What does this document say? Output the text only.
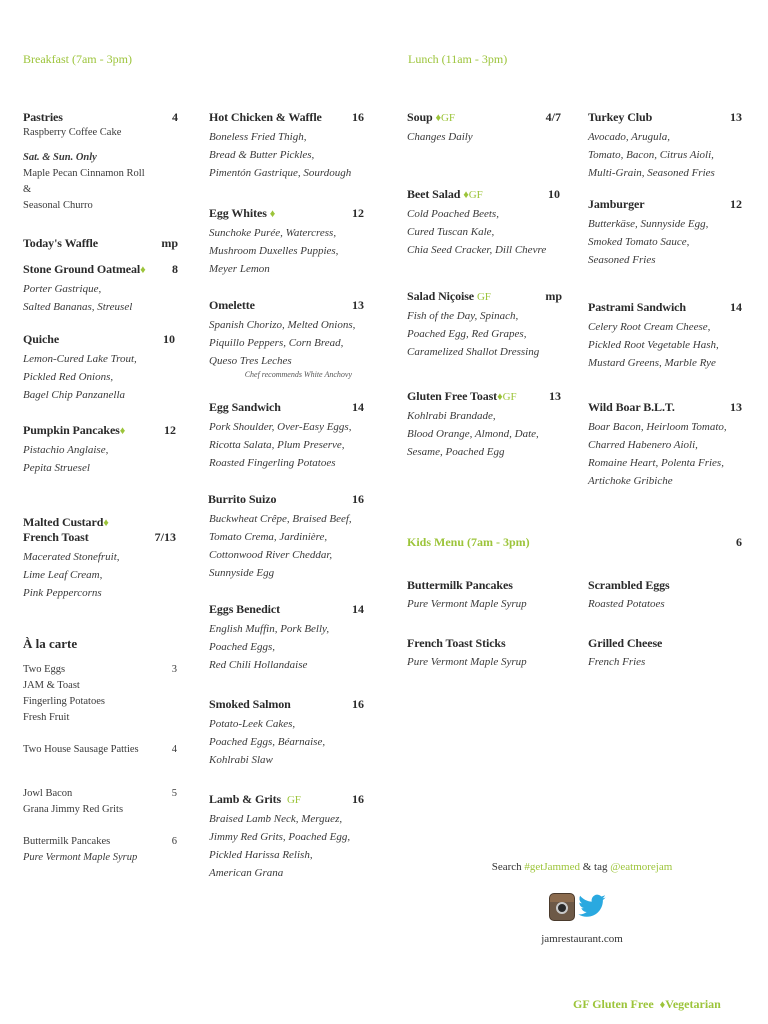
Breakfast (7am - 3pm)	Lunch (11am - 3pm)
Pastries	4
Raspberry Coffee Cake
Sat. & Sun. Only
Maple Pecan Cinnamon Roll
&
Seasonal Churro
Today's Waffle	mp
Stone Ground Oatmeal♦ 8
Porter Gastrique,
Salted Bananas, Streusel
Quiche	10
Lemon-Cured Lake Trout,
Pickled Red Onions,
Bagel Chip Panzanella
Pumpkin Pancakes♦	12
Pistachio Anglaise,
Pepita Struesel
Malted Custard♦
French Toast	7/13
Macerated Stonefruit,
Lime Leaf Cream,
Pink Peppercorns
À la carte
Two Eggs	3
JAM & Toast
Fingerling Potatoes
Fresh Fruit
Two House Sausage Patties	4
Jowl Bacon	5
Grana Jimmy Red Grits
Buttermilk Pancakes	6
Pure Vermont Maple Syrup
Hot Chicken & Waffle	16
Boneless Fried Thigh,
Bread & Butter Pickles,
Pimentón Gastrique, Sourdough
Egg Whites ♦	12
Sunchoke Purée, Watercress,
Mushroom Duxelles Puppies,
Meyer Lemon
Omelette	13
Spanish Chorizo, Melted Onions,
Piquillo Peppers, Corn Bread,
Queso Tres Leches
Chef recommends White Anchovy
Egg Sandwich	14
Pork Shoulder, Over-Easy Eggs,
Ricotta Salata, Plum Preserve,
Roasted Fingerling Potatoes
Burrito Suizo	16
Buckwheat Crêpe, Braised Beef,
Tomato Crema, Jardinière,
Cottonwood River Cheddar,
Sunnyside Egg
Eggs Benedict	14
English Muffin, Pork Belly,
Poached Eggs,
Red Chili Hollandaise
Smoked Salmon	16
Potato-Leek Cakes,
Poached Eggs, Béarnaise,
Kohlrabi Slaw
Lamb & Grits GF	16
Braised Lamb Neck, Merguez,
Jimmy Red Grits, Poached Egg,
Pickled Harissa Relish,
American Grana
Soup ♦GF	4/7
Changes Daily
Beet Salad ♦GF	10
Cold Poached Beets,
Cured Tuscan Kale,
Chia Seed Cracker, Dill Chevre
Salad Niçoise GF	mp
Fish of the Day, Spinach,
Poached Egg, Red Grapes,
Caramelized Shallot Dressing
Gluten Free Toast♦GF	13
Kohlrabi Brandade,
Blood Orange, Almond, Date,
Sesame, Poached Egg
Turkey Club	13
Avocado, Arugula,
Tomato, Bacon, Citrus Aioli,
Multi-Grain, Seasoned Fries
Jamburger	12
Butterkäse, Sunnyside Egg,
Smoked Tomato Sauce,
Seasoned Fries
Pastrami Sandwich	14
Celery Root Cream Cheese,
Pickled Root Vegetable Hash,
Mustard Greens, Marble Rye
Wild Boar B.L.T.	13
Boar Bacon, Heirloom Tomato,
Charred Habenero Aioli,
Romaine Heart, Polenta Fries,
Artichoke Gribiche
Kids Menu (7am - 3pm)	6
Buttermilk Pancakes
Pure Vermont Maple Syrup
Scrambled Eggs
Roasted Potatoes
French Toast Sticks
Pure Vermont Maple Syrup
Grilled Cheese
French Fries
Search #getJammed & tag @eatmorejam
jamrestaurant.com
GF Gluten Free ♦Vegetarian
